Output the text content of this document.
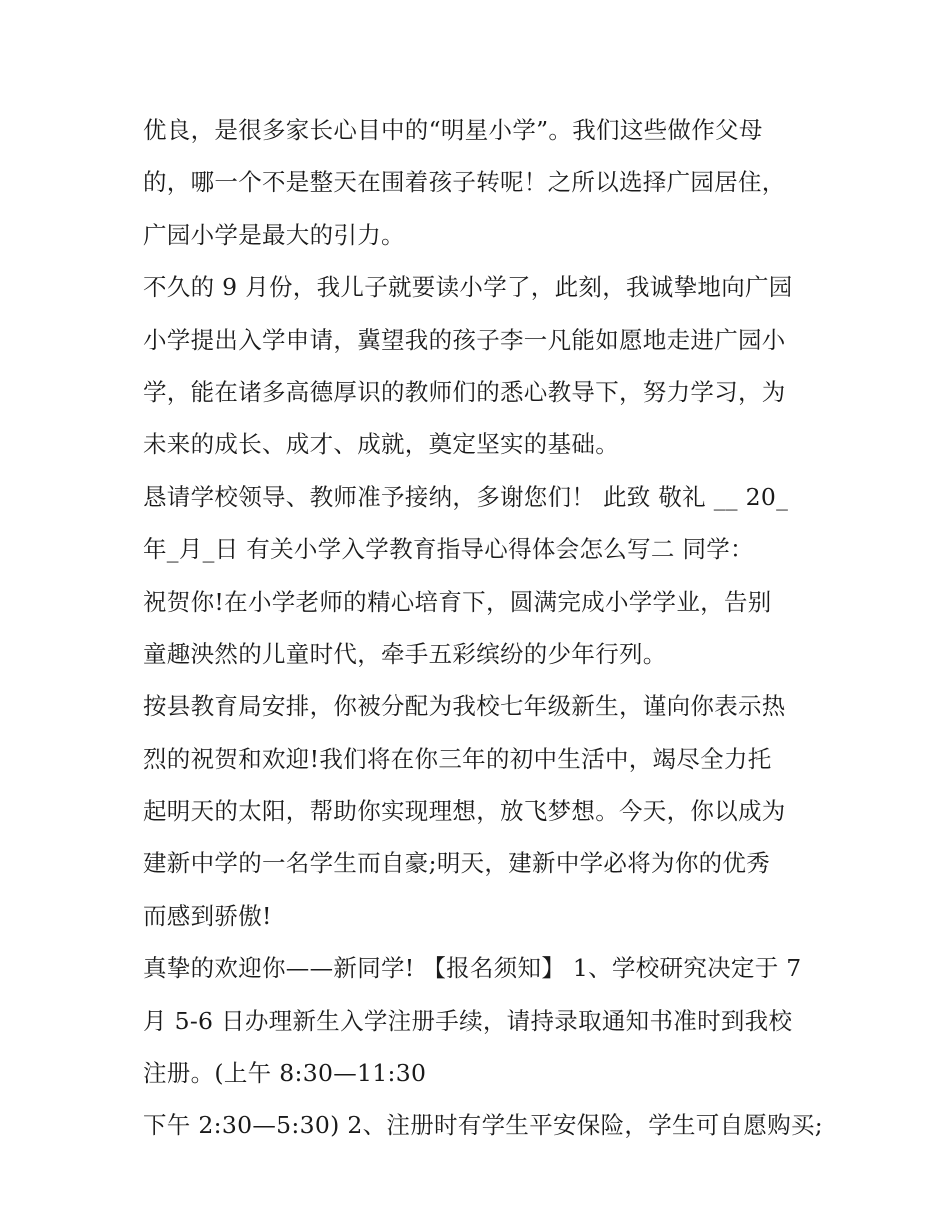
优良，是很多家长心目中的“明星小学”。我们这些做作父母
的，哪一个不是整天在围着孩子转呢！之所以选择广园居住，
广园小学是最大的引力。
不久的 9 月份，我儿子就要读小学了，此刻，我诚挚地向广园
小学提出入学申请，冀望我的孩子李一凡能如愿地走进广园小
学，能在诸多高德厚识的教师们的悉心教导下，努力学习，为
未来的成长、成才、成就，奠定坚实的基础。
恳请学校领导、教师准予接纳，多谢您们！ 此致 敬礼 __ 20_
年_月_日 有关小学入学教育指导心得体会怎么写二 同学：
祝贺你!在小学老师的精心培育下，圆满完成小学学业，告别
童趣泱然的儿童时代，牵手五彩缤纷的少年行列。
按县教育局安排，你被分配为我校七年级新生，谨向你表示热
烈的祝贺和欢迎!我们将在你三年的初中生活中，竭尽全力托
起明天的太阳，帮助你实现理想，放飞梦想。今天，你以成为
建新中学的一名学生而自豪;明天，建新中学必将为你的优秀
而感到骄傲!
真挚的欢迎你——新同学! 【报名须知】 1、学校研究决定于 7
月 5-6 日办理新生入学注册手续，请持录取通知书准时到我校
注册。(上午 8:30—11:30
下午 2:30—5:30) 2、注册时有学生平安保险，学生可自愿购买;
